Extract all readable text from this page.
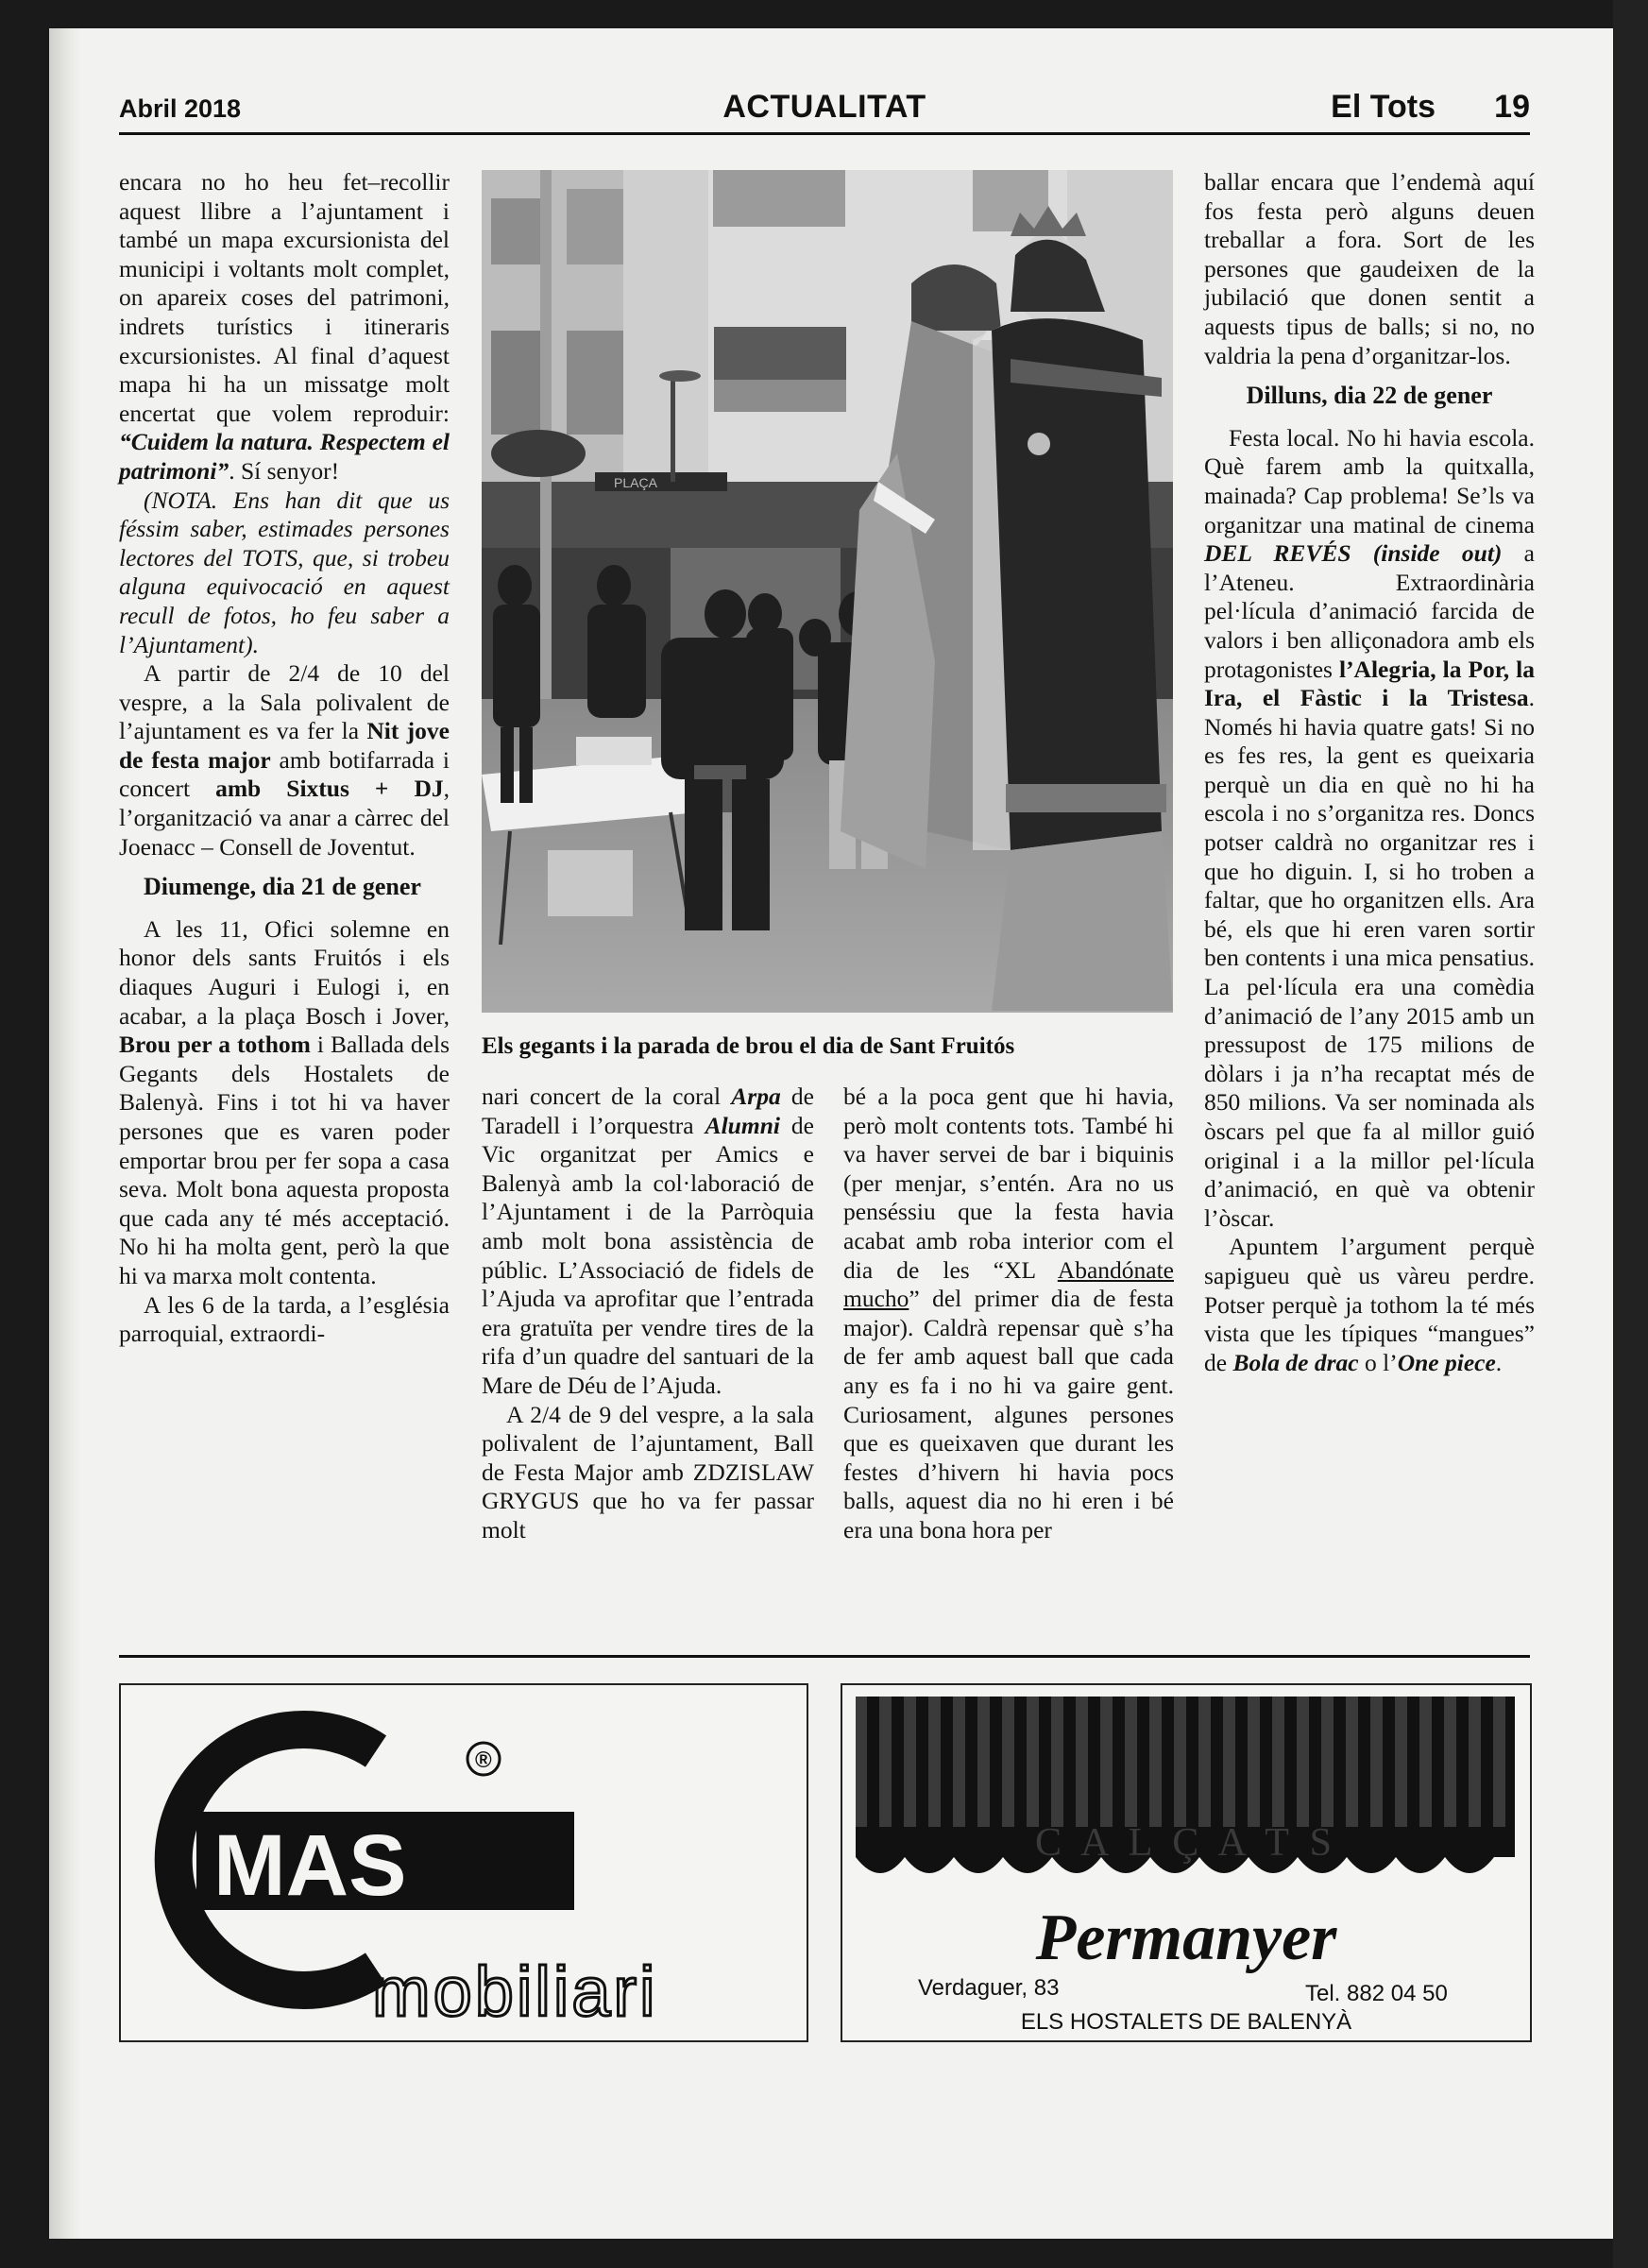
Abril 2018	ACTUALITAT	El Tots 19

encara no ho heu fet–recollir aquest llibre a l’ajuntament i també un mapa excursionista del municipi i voltants molt complet, on apareix coses del patrimoni, indrets turístics i itineraris excursionistes. Al final d’aquest mapa hi ha un missatge molt encertat que volem reproduir: “Cuidem la natura. Respectem el patrimoni”. Sí senyor!

(NOTA. Ens han dit que us féssim saber, estimades persones lectores del TOTS, que, si trobeu alguna equivocació en aquest recull de fotos, ho feu saber a l’Ajuntament).

A partir de 2/4 de 10 del vespre, a la Sala polivalent de l’ajuntament es va fer la Nit jove de festa major amb botifarrada i concert amb Sixtus + DJ, l’organització va anar a càrrec del Joenacc – Consell de Joventut.

Diumenge, dia 21 de gener

A les 11, Ofici solemne en honor dels sants Fruitós i els diaques Auguri i Eulogi i, en acabar, a la plaça Bosch i Jover, Brou per a tothom i Ballada dels Gegants dels Hostalets de Balenyà. Fins i tot hi va haver persones que es varen poder emportar brou per fer sopa a casa seva. Molt bona aquesta proposta que cada any té més acceptació. No hi ha molta gent, però la que hi va marxa molt contenta.

A les 6 de la tarda, a l’església parroquial, extraordi-

PLAÇA
Els gegants i la parada de brou el dia de Sant Fruitós

nari concert de la coral Arpa de Taradell i l’orquestra Alumni de Vic organitzat per Amics e Balenyà amb la col·laboració de l’Ajuntament i de la Parròquia amb molt bona assistència de públic. L’Associació de fidels de l’Ajuda va aprofitar que l’entrada era gratuïta per vendre tires de la rifa d’un quadre del santuari de la Mare de Déu de l’Ajuda.

A 2/4 de 9 del vespre, a la sala polivalent de l’ajuntament, Ball de Festa Major amb ZDZISLAW GRYGUS que ho va fer passar molt

bé a la poca gent que hi havia, però molt contents tots. També hi va haver servei de bar i biquinis (per menjar, s’entén. Ara no us penséssiu que la festa havia acabat amb roba interior com el dia de les “XL Abandónate mucho” del primer dia de festa major). Caldrà repensar què s’ha de fer amb aquest ball que cada any es fa i no hi va gaire gent. Curiosament, algunes persones que es queixaven que durant les festes d’hivern hi havia pocs balls, aquest dia no hi eren i bé era una bona hora per

ballar encara que l’endemà aquí fos festa però alguns deuen treballar a fora. Sort de les persones que gaudeixen de la jubilació que donen sentit a aquests tipus de balls; si no, no valdria la pena d’organitzar-los.

Dilluns, dia 22 de gener

Festa local. No hi havia escola. Què farem amb la quitxalla, mainada? Cap problema! Se’ls va organitzar una matinal de cinema DEL REVÉS (inside out) a l’Ateneu. Extraordinària pel·lícula d’animació farcida de valors i ben alliçonadora amb els protagonistes l’Alegria, la Por, la Ira, el Fàstic i la Tristesa. Només hi havia quatre gats! Si no es fes res, la gent es queixaria perquè un dia en què no hi ha escola i no s’organitza res. Doncs potser caldrà no organitzar res i que ho diguin. I, si ho troben a faltar, que ho organitzen ells. Ara bé, els que hi eren varen sortir ben contents i una mica pensatius. La pel·lícula era una comèdia d’animació de l’any 2015 amb un pressupost de 175 milions de dòlars i ja n’ha recaptat més de 850 milions. Va ser nominada als òscars pel que fa al millor guió original i a la millor pel·lícula d’animació, en què va obtenir l’òscar.

Apuntem l’argument perquè sapigueu què us vàreu perdre. Potser perquè ja tothom la té més vista que les típiques “mangues” de Bola de drac o l’One piece.

MAS
®
mobiliari
C A L Ç A T S
Permanyer
Verdaguer, 83	Tel. 882 04 50
ELS HOSTALETS DE BALENYÀ
